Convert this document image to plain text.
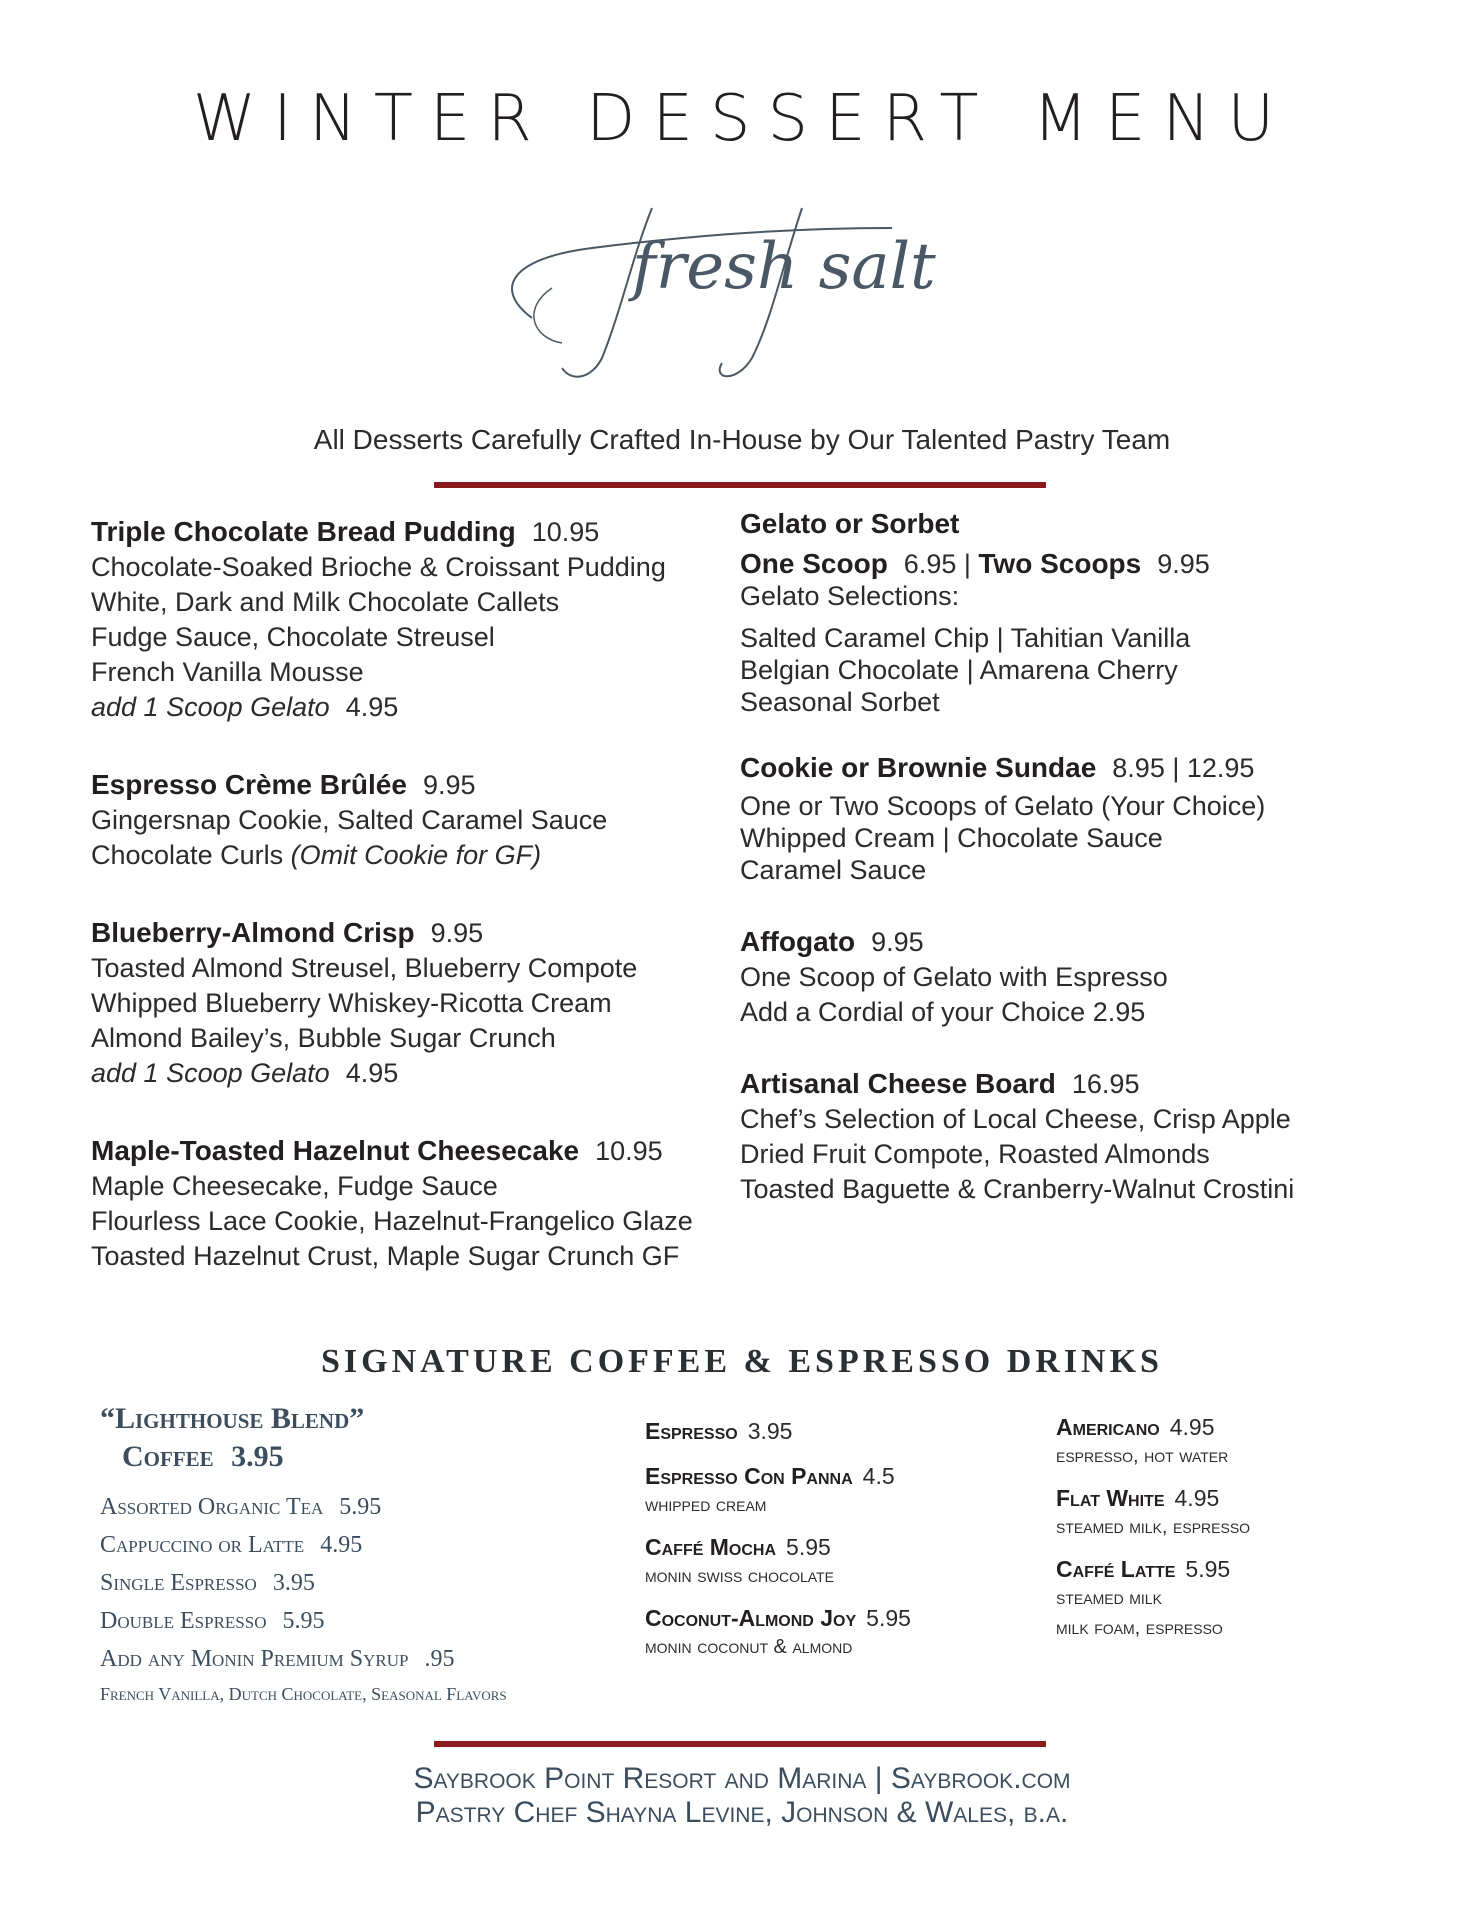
WINTER DESSERT MENU
fresh salt
All Desserts Carefully Crafted In-House by Our Talented Pastry Team
Triple Chocolate Bread Pudding 10.95
Chocolate-Soaked Brioche & Croissant Pudding
White, Dark and Milk Chocolate Callets
Fudge Sauce, Chocolate Streusel
French Vanilla Mousse
add 1 Scoop Gelato 4.95
Espresso Crème Brûlée 9.95
Gingersnap Cookie, Salted Caramel Sauce
Chocolate Curls (Omit Cookie for GF)
Blueberry-Almond Crisp 9.95
Toasted Almond Streusel, Blueberry Compote
Whipped Blueberry Whiskey-Ricotta Cream
Almond Bailey’s, Bubble Sugar Crunch
add 1 Scoop Gelato 4.95
Maple-Toasted Hazelnut Cheesecake 10.95
Maple Cheesecake, Fudge Sauce
Flourless Lace Cookie, Hazelnut-Frangelico Glaze
Toasted Hazelnut Crust, Maple Sugar Crunch GF
Gelato or Sorbet
One Scoop 6.95 | Two Scoops 9.95
Gelato Selections:
Salted Caramel Chip | Tahitian Vanilla
Belgian Chocolate | Amarena Cherry
Seasonal Sorbet
Cookie or Brownie Sundae 8.95 | 12.95
One or Two Scoops of Gelato (Your Choice)
Whipped Cream | Chocolate Sauce
Caramel Sauce
Affogato 9.95
One Scoop of Gelato with Espresso
Add a Cordial of your Choice 2.95
Artisanal Cheese Board 16.95
Chef’s Selection of Local Cheese, Crisp Apple
Dried Fruit Compote, Roasted Almonds
Toasted Baguette & Cranberry-Walnut Crostini
SIGNATURE COFFEE & ESPRESSO DRINKS
“Lighthouse Blend”
Coffee 3.95
Assorted Organic Tea 5.95
Cappuccino or Latte 4.95
Single Espresso 3.95
Double Espresso 5.95
Add any Monin Premium Syrup .95
French Vanilla, Dutch Chocolate, Seasonal Flavors
Espresso 3.95
Espresso Con Panna 4.5
whipped cream
Caffé Mocha 5.95
monin swiss chocolate
Coconut-Almond Joy 5.95
monin coconut & almond
Americano 4.95
espresso, hot water
Flat White 4.95
steamed milk, espresso
Caffé Latte 5.95
steamed milk
milk foam, espresso
Saybrook Point Resort and Marina | Saybrook.com
Pastry Chef Shayna Levine, Johnson & Wales, b.a.
